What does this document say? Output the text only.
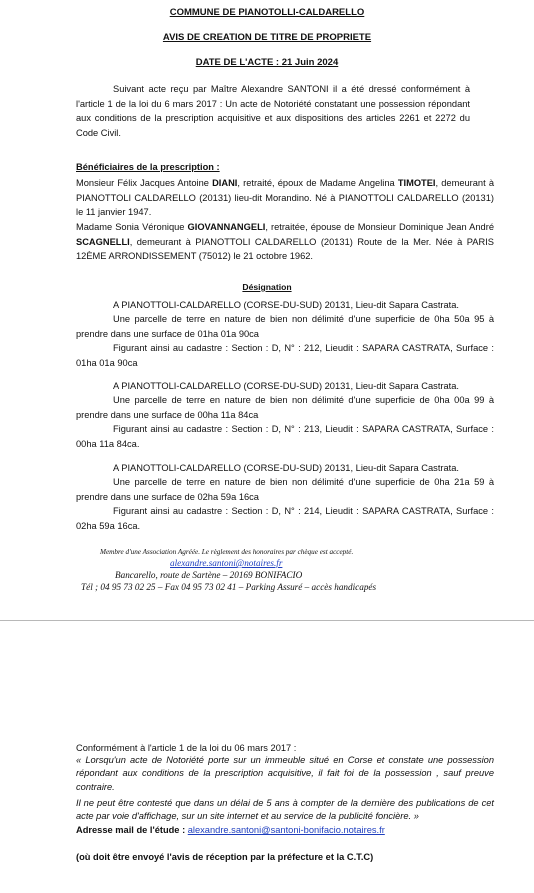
COMMUNE DE PIANOTOLLI-CALDARELLO
AVIS DE CREATION DE TITRE DE PROPRIETE
DATE DE L'ACTE : 21 Juin 2024
Suivant acte reçu par Maître Alexandre SANTONI il a été dressé conformément à l'article 1 de la loi du 6 mars 2017 : Un acte de Notoriété constatant une possession répondant aux conditions de la prescription acquisitive et aux dispositions des articles 2261 et 2272 du Code Civil.
Bénéficiaires de la prescription :
Monsieur Félix Jacques Antoine DIANI, retraité, époux de Madame Angelina TIMOTEI, demeurant à PIANOTTOLI CALDARELLO (20131) lieu-dit Morandino. Né à PIANOTTOLI CALDARELLO (20131) le 11 janvier 1947.
Madame Sonia Véronique GIOVANNANGELI, retraitée, épouse de Monsieur Dominique Jean André SCAGNELLI, demeurant à PIANOTTOLI CALDARELLO (20131) Route de la Mer. Née à PARIS 12ÈME ARRONDISSEMENT (75012) le 21 octobre 1962.
Désignation
A PIANOTTOLI-CALDARELLO (CORSE-DU-SUD) 20131, Lieu-dit Sapara Castrata.
Une parcelle de terre en nature de bien non délimité d'une superficie de 0ha 50a 95 à prendre dans une surface de 01ha 01a 90ca
Figurant ainsi au cadastre : Section : D, N° : 212, Lieudit : SAPARA CASTRATA, Surface : 01ha 01a 90ca
A PIANOTTOLI-CALDARELLO (CORSE-DU-SUD) 20131, Lieu-dit Sapara Castrata.
Une parcelle de terre en nature de bien non délimité d'une superficie de 0ha 00a 99 à prendre dans une surface de 00ha 11a 84ca
Figurant ainsi au cadastre : Section : D, N° : 213, Lieudit : SAPARA CASTRATA, Surface : 00ha 11a 84ca.
A PIANOTTOLI-CALDARELLO (CORSE-DU-SUD) 20131, Lieu-dit Sapara Castrata.
Une parcelle de terre en nature de bien non délimité d'une superficie de 0ha 21a 59 à prendre dans une surface de 02ha 59a 16ca
Figurant ainsi au cadastre : Section : D, N° : 214, Lieudit : SAPARA CASTRATA, Surface : 02ha 59a 16ca.
Membre d'une Association Agréée. Le règlement des honoraires par chèque est accepté.
alexandre.santoni@notaires.fr
Bancarello, route de Sartène – 20169 BONIFACIO
Tél ; 04 95 73 02 25 – Fax 04 95 73 02 41 – Parking Assuré – accès handicapés
Conformément à l'article 1 de la loi du 06 mars 2017 :
« Lorsqu'un acte de Notoriété porte sur un immeuble situé en Corse et constate une possession répondant aux conditions de la prescription acquisitive, il fait foi de la possession , sauf preuve contraire.
Il ne peut être contesté que dans un délai de 5 ans à compter de la dernière des publications de cet acte par voie d'affichage, sur un site internet et au service de la publicité foncière. »
Adresse mail de l'étude : alexandre.santoni@santoni-bonifacio.notaires.fr
(où doit être envoyé l'avis de réception par la préfecture et la C.T.C)
